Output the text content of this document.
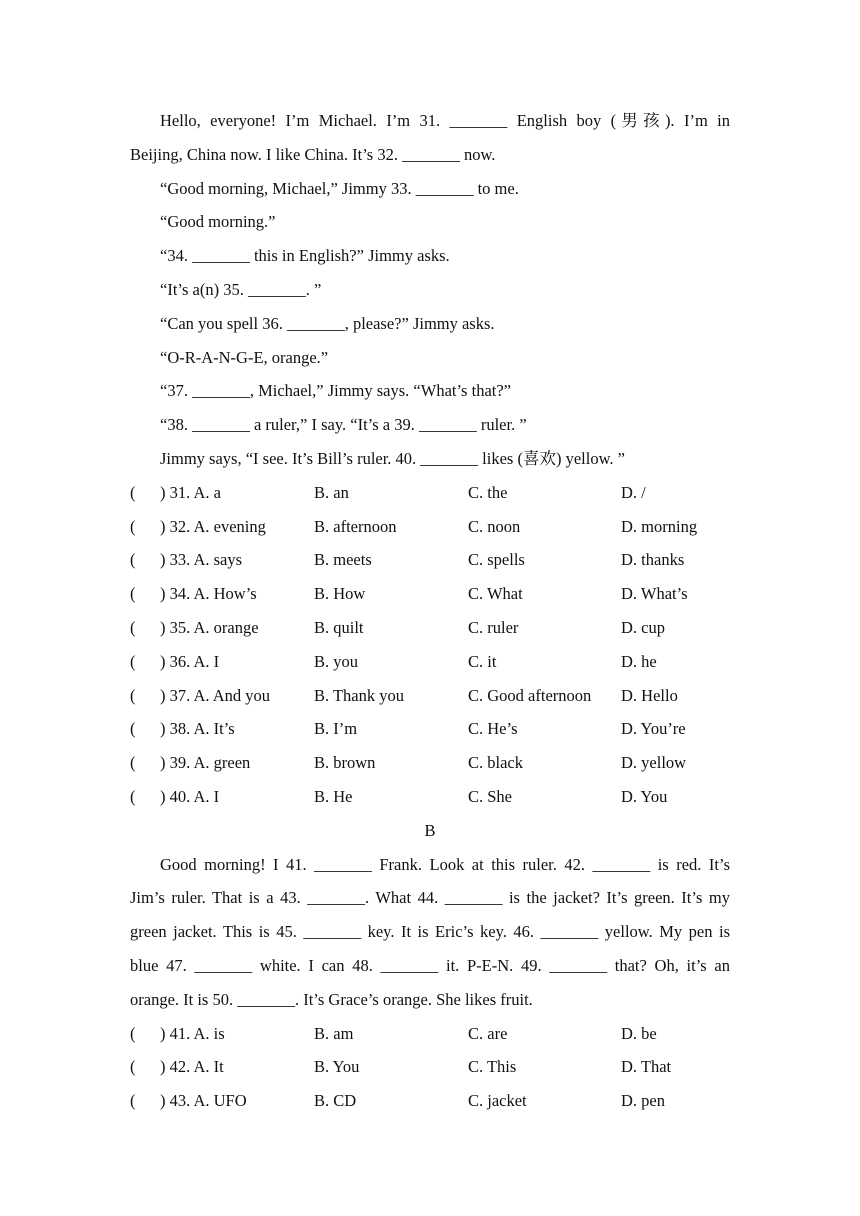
Hello, everyone! I’m Michael. I’m 31. _______ English boy (男孩). I’m in
Beijing, China now. I like China. It’s 32. _______ now.
“Good morning, Michael,” Jimmy 33. _______ to me.
“Good morning.”
“34. _______ this in English?” Jimmy asks.
“It’s a(n) 35. _______. ”
“Can you spell 36. _______, please?” Jimmy asks.
“O-R-A-N-G-E, orange.”
“37. _______, Michael,” Jimmy says. “What’s that?”
“38. _______ a ruler,” I say. “It’s a 39. _______ ruler. ”
Jimmy says, “I see. It’s Bill’s ruler. 40. _______ likes (喜欢) yellow. ”
( ) 31. A. a	B. an	C. the	D. /
( ) 32. A. evening	B. afternoon	C. noon	D. morning
( ) 33. A. says	B. meets	C. spells	D. thanks
( ) 34. A. How’s	B. How	C. What	D. What’s
( ) 35. A. orange	B. quilt	C. ruler	D. cup
( ) 36. A. I	B. you	C. it	D. he
( ) 37. A. And you	B. Thank you	C. Good afternoon D. Hello
( ) 38. A. It’s	B. I’m	C. He’s	D. You’re
( ) 39. A. green	B. brown	C. black	D. yellow
( ) 40. A. I	B. He	C. She	D. You
B
Good morning! I 41. _______ Frank. Look at this ruler. 42. _______ is red. It’s
Jim’s ruler. That is a 43. _______. What 44. _______ is the jacket? It’s green. It’s my
green jacket. This is 45. _______ key. It is Eric’s key. 46. _______ yellow. My pen is
blue 47. _______ white. I can 48. _______ it. P-E-N. 49. _______ that? Oh, it’s an
orange. It is 50. _______. It’s Grace’s orange. She likes fruit.
( ) 41. A. is	B. am	C. are	D. be
( ) 42. A. It	B. You	C. This	D. That
( ) 43. A. UFO	B. CD	C. jacket	D. pen
